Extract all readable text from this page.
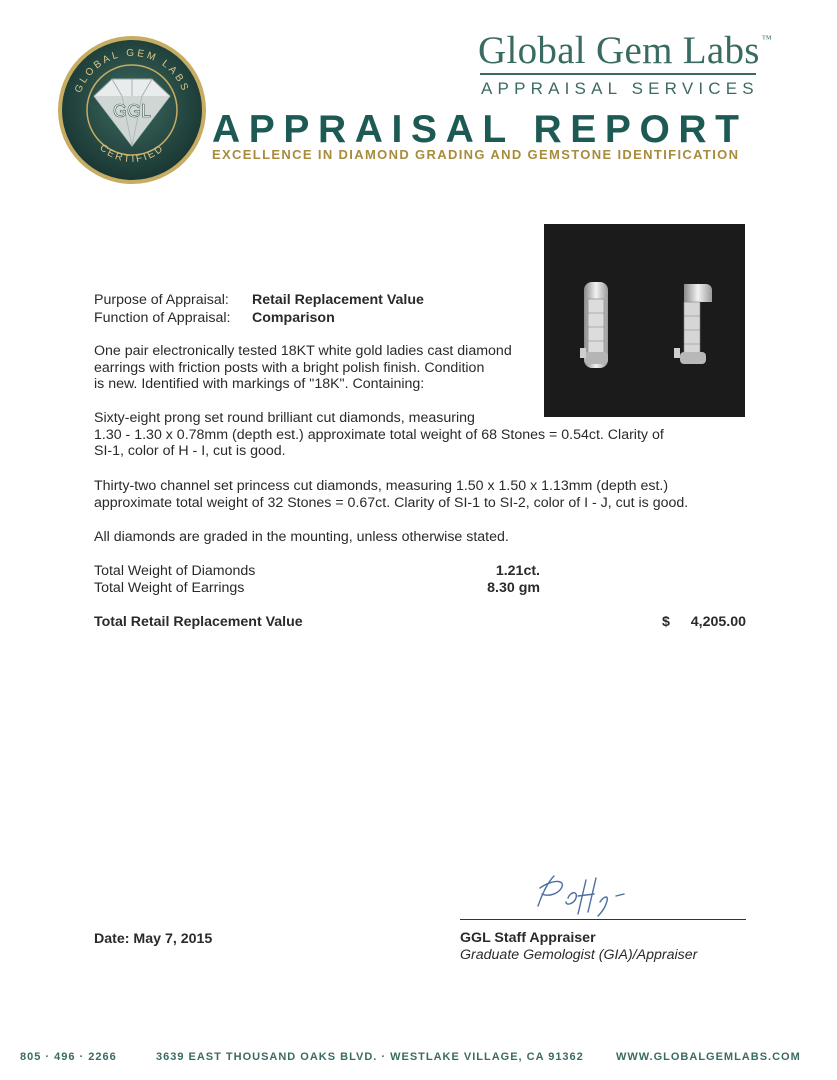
GLOBAL GEM LABS
CERTIFIED
GGL
Global Gem Labs ™
APPRAISAL SERVICES
APPRAISAL REPORT
EXCELLENCE IN DIAMOND GRADING AND GEMSTONE IDENTIFICATION
Purpose of Appraisal: Retail Replacement Value
Function of Appraisal: Comparison
One pair electronically tested 18KT white gold ladies cast diamond
earrings with friction posts with a bright polish finish. Condition
is new. Identified with markings of "18K". Containing:
Sixty-eight prong set round brilliant cut diamonds, measuring
1.30 - 1.30 x 0.78mm (depth est.) approximate total weight of 68 Stones = 0.54ct. Clarity of
SI-1, color of H - I, cut is good.
Thirty-two channel set princess cut diamonds, measuring 1.50 x 1.50 x 1.13mm (depth est.)
approximate total weight of 32 Stones = 0.67ct. Clarity of SI-1 to SI-2, color of I - J, cut is good.
All diamonds are graded in the mounting, unless otherwise stated.
Total Weight of Diamonds	1.21ct.
Total Weight of Earrings	8.30 gm
Total Retail Replacement Value	$	4,205.00
GGL Staff Appraiser
Graduate Gemologist (GIA)/Appraiser
Date: May 7, 2015
805 · 496 · 2266	3639 EAST THOUSAND OAKS BLVD. · WESTLAKE VILLAGE, CA 91362	WWW.GLOBALGEMLABS.COM
